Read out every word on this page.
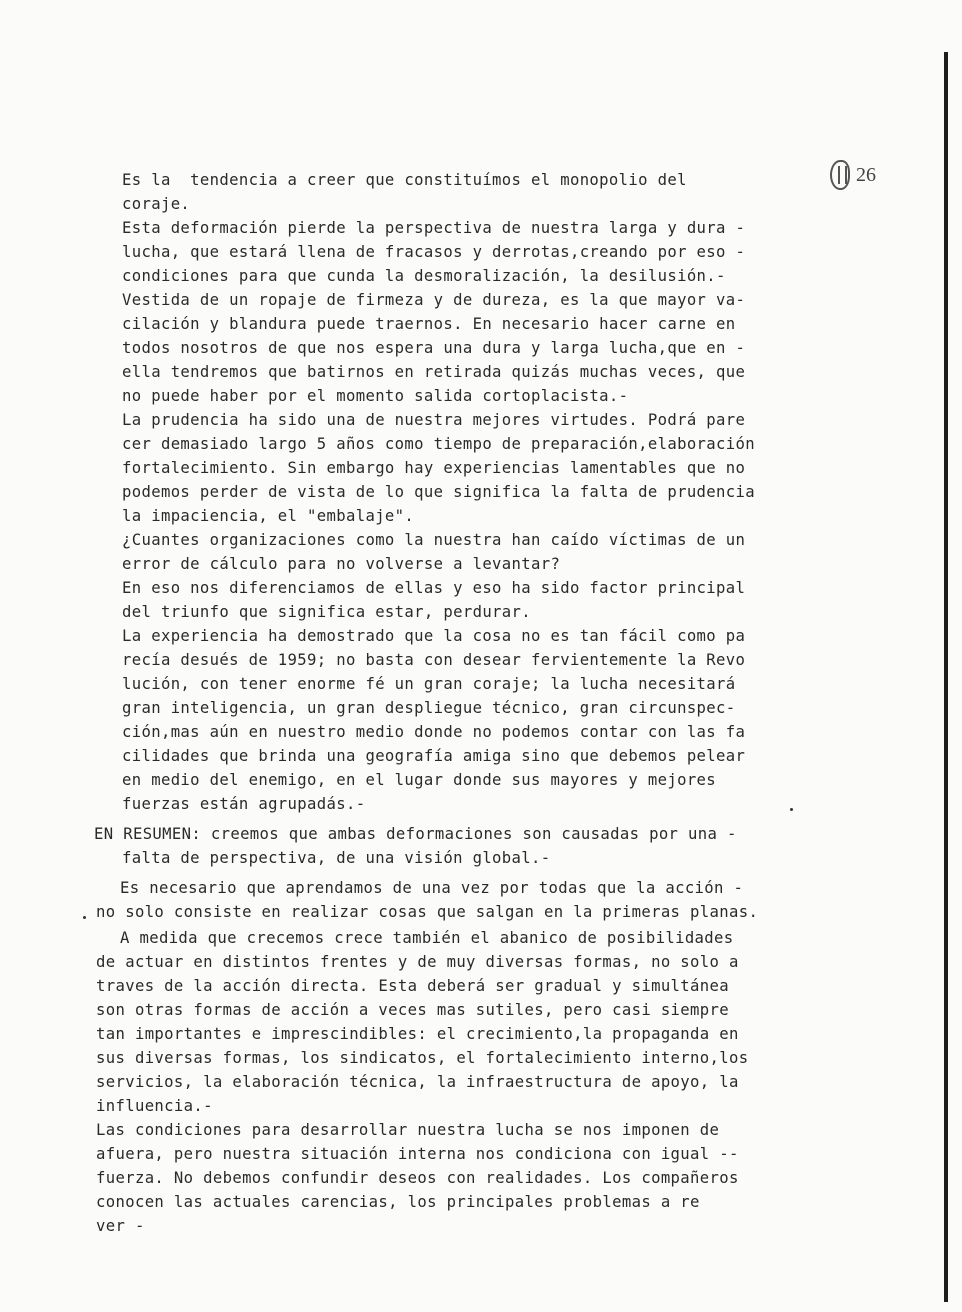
26
Es la  tendencia a creer que constituímos el monopolio del
coraje.
Esta deformación pierde la perspectiva de nuestra larga y dura -
lucha, que estará llena de fracasos y derrotas,creando por eso -
condiciones para que cunda la desmoralización, la desilusión.-
Vestida de un ropaje de firmeza y de dureza, es la que mayor va-
cilación y blandura puede traernos. En necesario hacer carne en
todos nosotros de que nos espera una dura y larga lucha,que en -
ella tendremos que batirnos en retirada quizás muchas veces, que
no puede haber por el momento salida cortoplacista.-
La prudencia ha sido una de nuestra mejores virtudes. Podrá pare
cer demasiado largo 5 años como tiempo de preparación,elaboración
fortalecimiento. Sin embargo hay experiencias lamentables que no
podemos perder de vista de lo que significa la falta de prudencia
la impaciencia, el "embalaje".
¿Cuantes organizaciones como la nuestra han caído víctimas de un
error de cálculo para no volverse a levantar?
En eso nos diferenciamos de ellas y eso ha sido factor principal
del triunfo que significa estar, perdurar.
La experiencia ha demostrado que la cosa no es tan fácil como pa
recía desués de 1959; no basta con desear fervientemente la Revo
lución, con tener enorme fé un gran coraje; la lucha necesitará
gran inteligencia, un gran despliegue técnico, gran circunspec-
ción,mas aún en nuestro medio donde no podemos contar con las fa
cilidades que brinda una geografía amiga sino que debemos pelear
en medio del enemigo, en el lugar donde sus mayores y mejores
fuerzas están agrupadás.-
EN RESUMEN: creemos que ambas deformaciones son causadas por una -
falta de perspectiva, de una visión global.-
Es necesario que aprendamos de una vez por todas que la acción -
no solo consiste en realizar cosas que salgan en la primeras planas.
A medida que crecemos crece también el abanico de posibilidades
de actuar en distintos frentes y de muy diversas formas, no solo a
traves de la acción directa. Esta deberá ser gradual y simultánea
son otras formas de acción a veces mas sutiles, pero casi siempre
tan importantes e imprescindibles: el crecimiento,la propaganda en
sus diversas formas, los sindicatos, el fortalecimiento interno,los
servicios, la elaboración técnica, la infraestructura de apoyo, la
influencia.-
Las condiciones para desarrollar nuestra lucha se nos imponen de
afuera, pero nuestra situación interna nos condiciona con igual --
fuerza. No debemos confundir deseos con realidades. Los compañeros
conocen las actuales carencias, los principales problemas a re
ver -
